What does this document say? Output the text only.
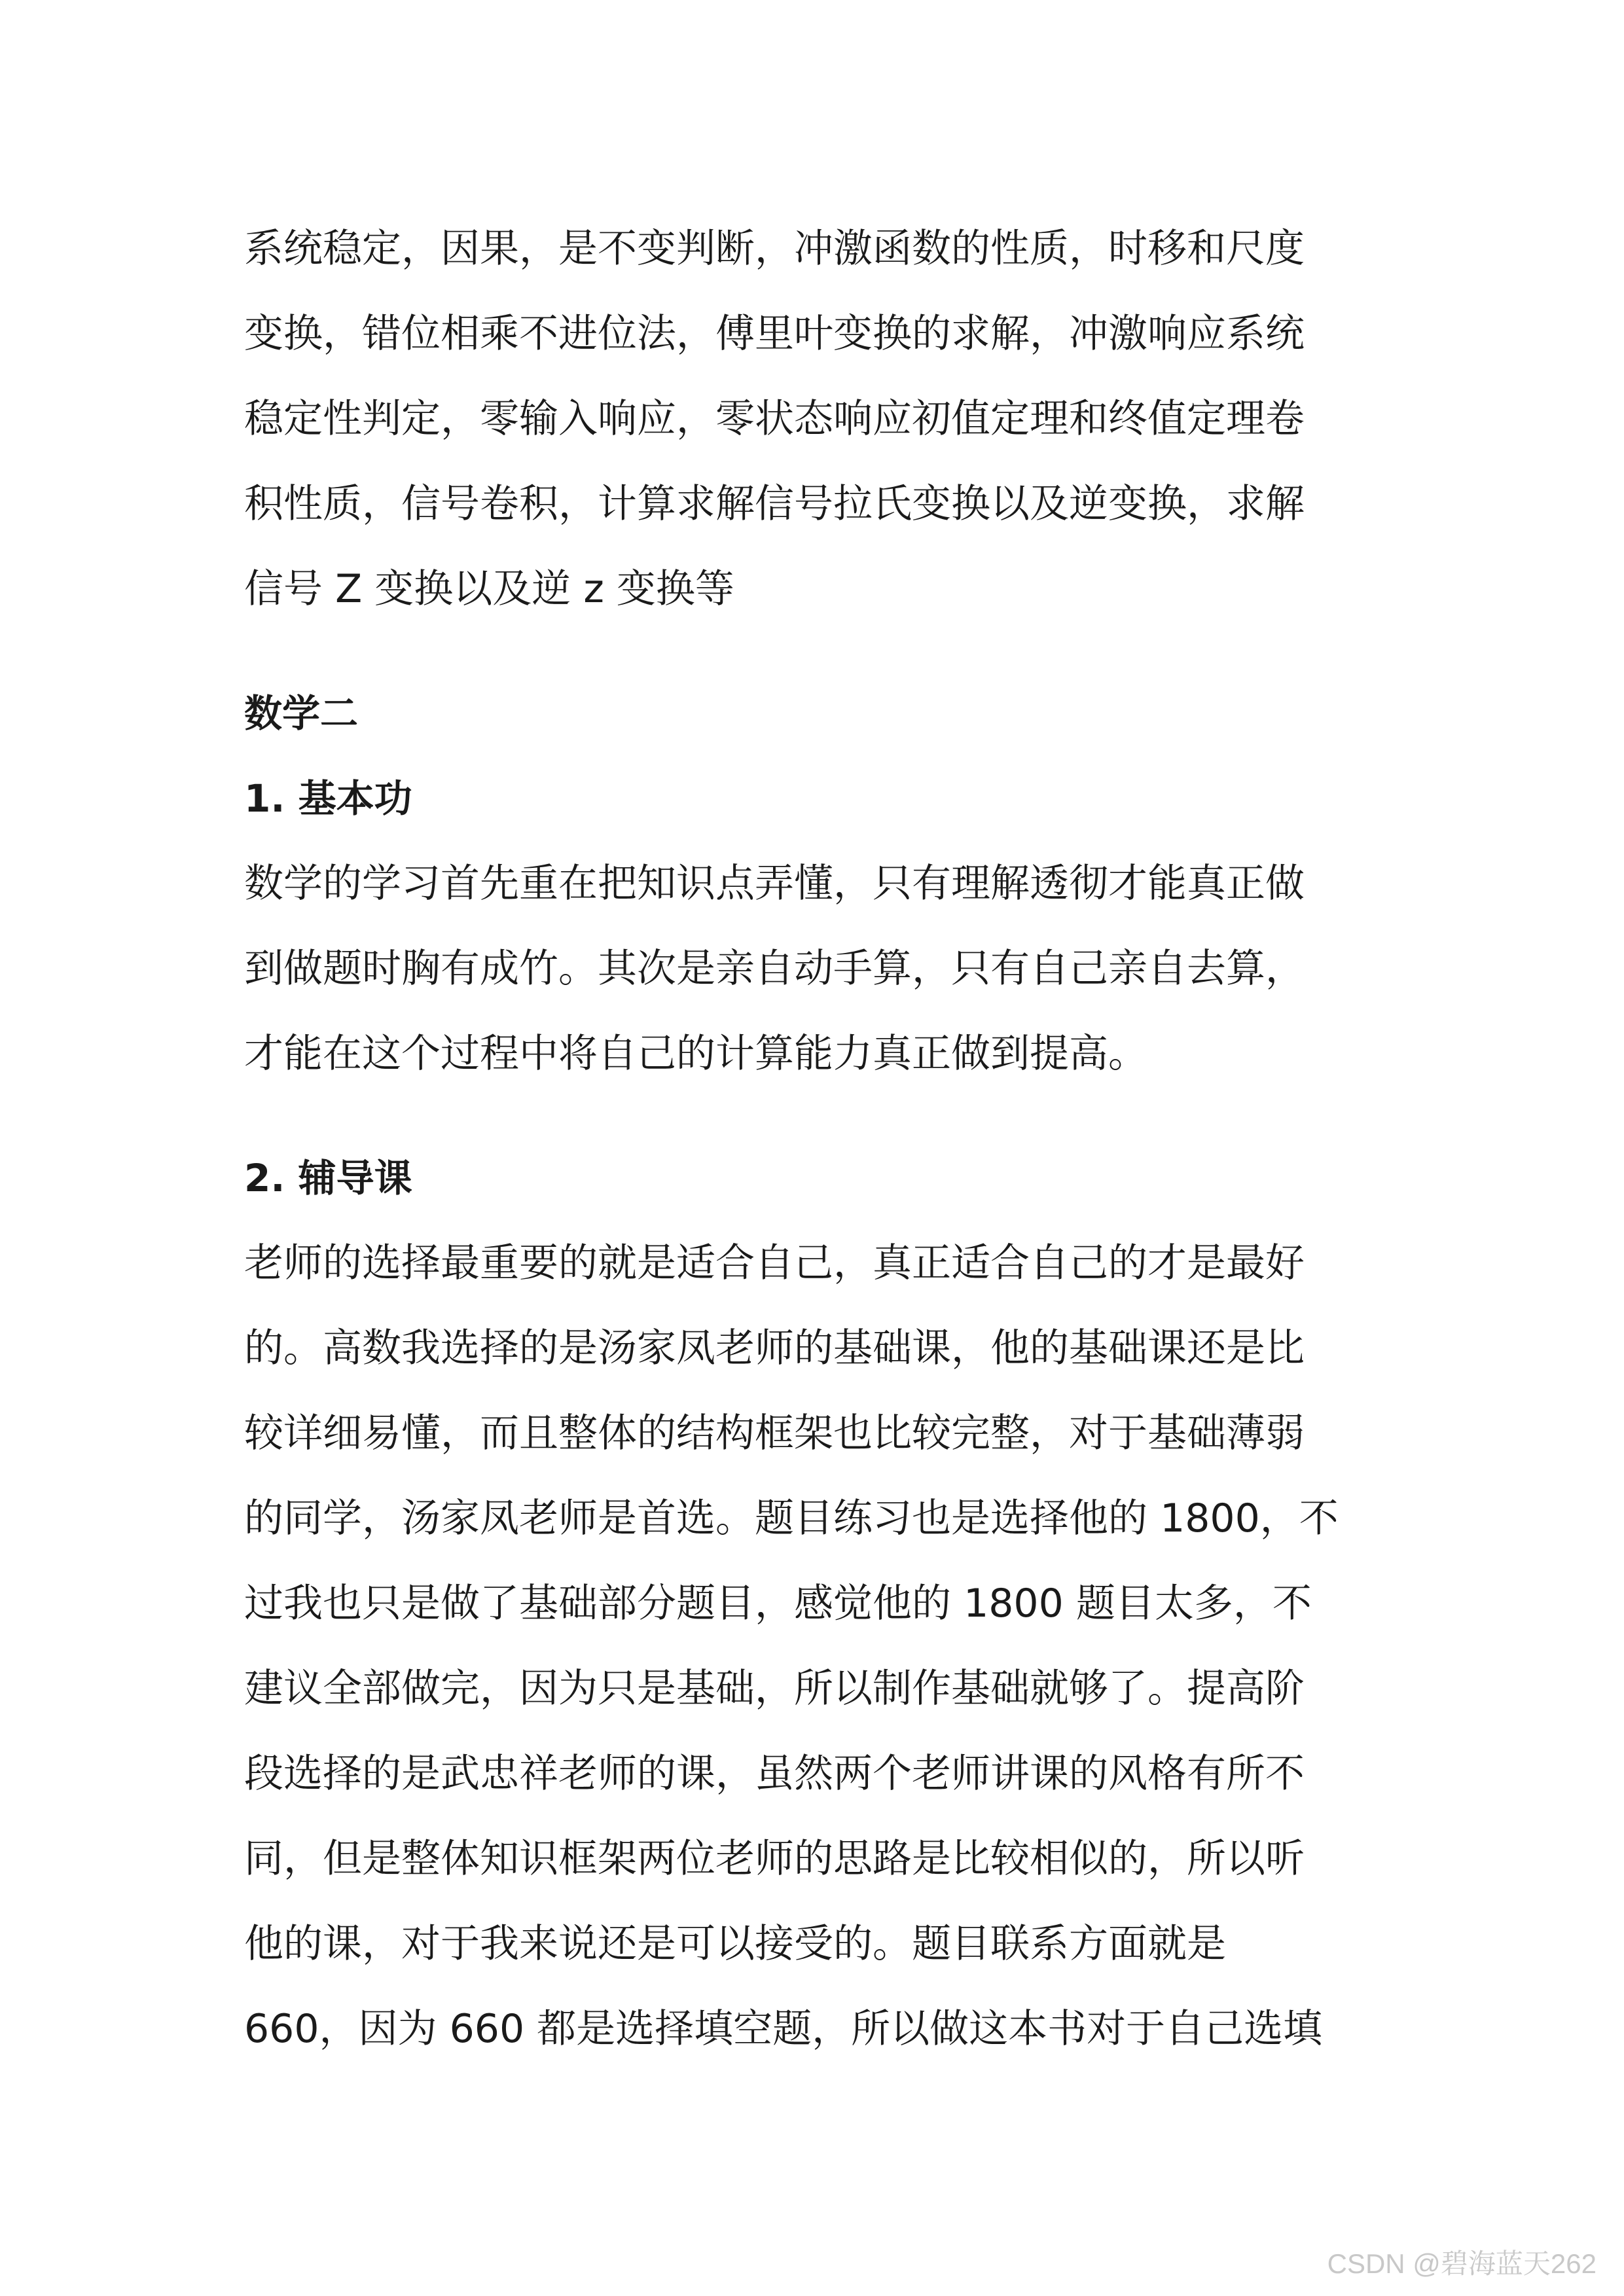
系统稳定，因果，是不变判断，冲激函数的性质，时移和尺度
变换，错位相乘不进位法，傅里叶变换的求解，冲激响应系统
稳定性判定，零输入响应，零状态响应初值定理和终值定理卷
积性质，信号卷积，计算求解信号拉氏变换以及逆变换，求解
信号 Z 变换以及逆 z 变换等
数学二
1. 基本功
数学的学习首先重在把知识点弄懂，只有理解透彻才能真正做
到做题时胸有成竹。其次是亲自动手算，只有自己亲自去算，
才能在这个过程中将自己的计算能力真正做到提高。
2. 辅导课
老师的选择最重要的就是适合自己，真正适合自己的才是最好
的。高数我选择的是汤家凤老师的基础课，他的基础课还是比
较详细易懂，而且整体的结构框架也比较完整，对于基础薄弱
的同学，汤家凤老师是首选。题目练习也是选择他的 1800，不
过我也只是做了基础部分题目，感觉他的 1800 题目太多，不
建议全部做完，因为只是基础，所以制作基础就够了。提高阶
段选择的是武忠祥老师的课，虽然两个老师讲课的风格有所不
同，但是整体知识框架两位老师的思路是比较相似的，所以听
他的课，对于我来说还是可以接受的。题目联系方面就是
660，因为 660 都是选择填空题，所以做这本书对于自己选填
CSDN @碧海蓝天262
